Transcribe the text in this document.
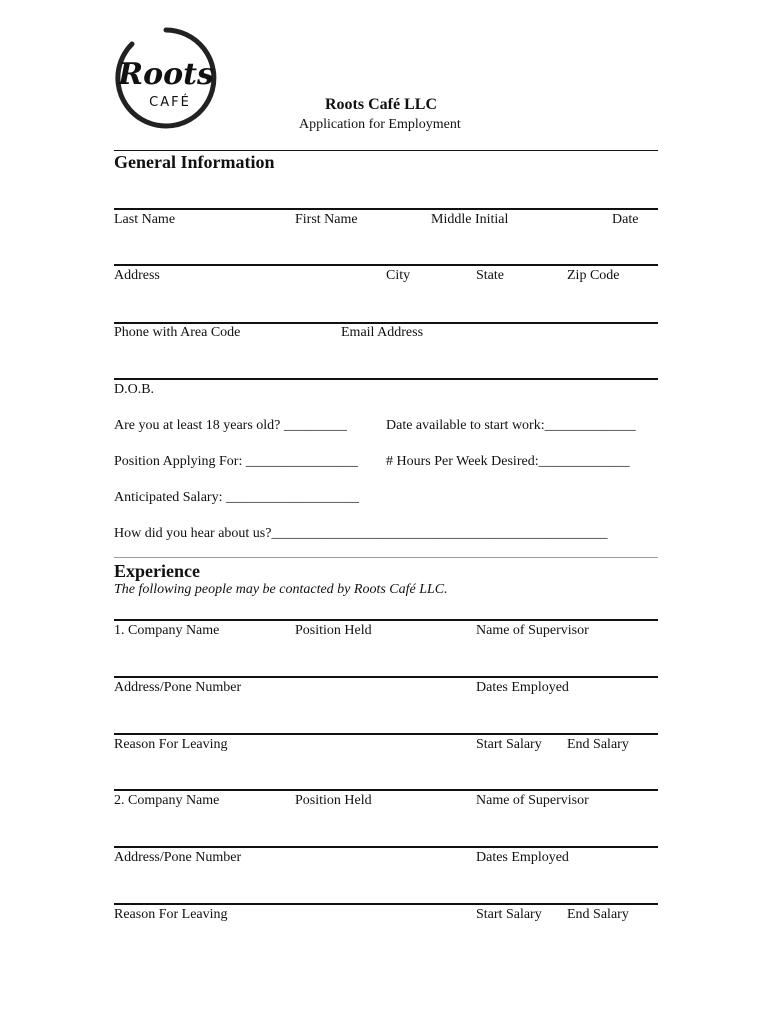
Roots
CAFÉ	Roots Café LLC
Application for Employment
General Information
Last Name	First Name	Middle Initial	Date
Address	City	State	Zip Code
Phone with Area Code	Email Address
D.O.B.
Are you at least 18 years old? _________	Date available to start work:_____________
Position Applying For: ________________ # Hours Per Week Desired:_____________
Anticipated Salary: ___________________
How did you hear about us?________________________________________________
Experience
The following people may be contacted by Roots Café LLC.
1. Company Name	Position Held	Name of Supervisor
Address/Pone Number	Dates Employed
Reason For Leaving	Start Salary End Salary
2. Company Name	Position Held	Name of Supervisor
Address/Pone Number	Dates Employed
Reason For Leaving	Start Salary End Salary
